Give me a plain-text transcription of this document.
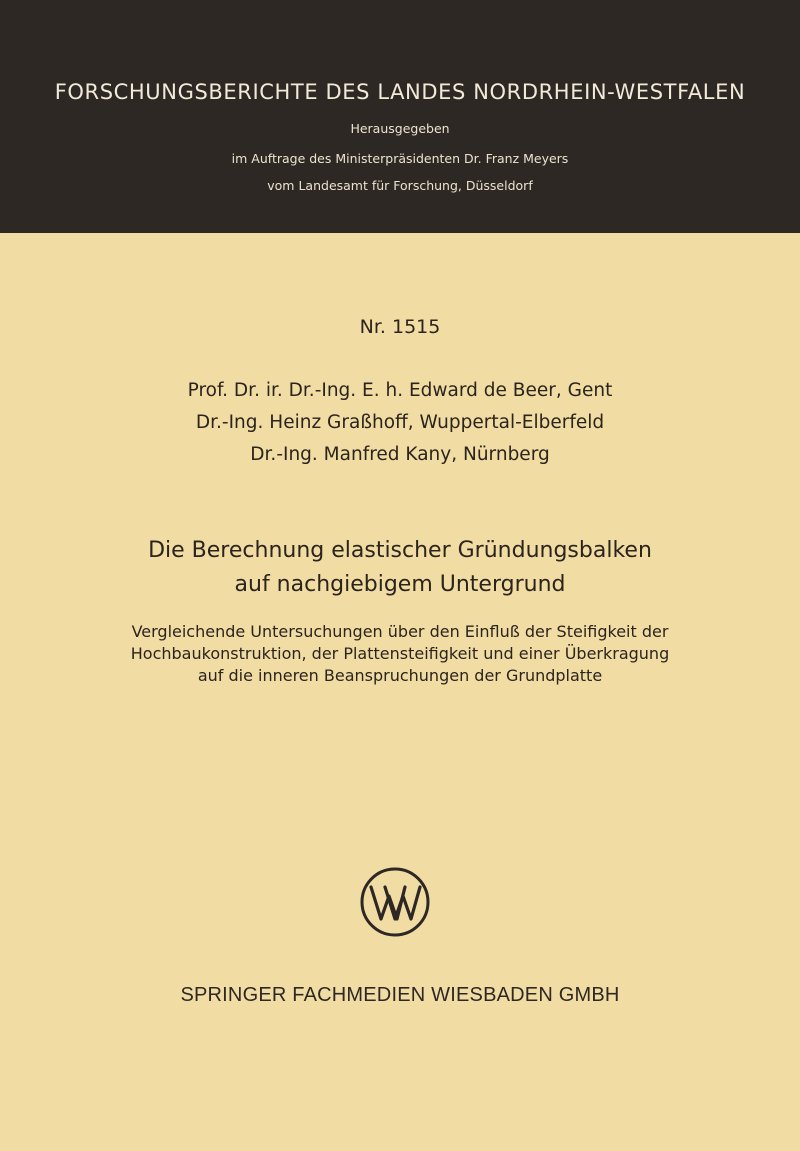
FORSCHUNGSBERICHTE DES LANDES NORDRHEIN-WESTFALEN
Herausgegeben
im Auftrage des Ministerpräsidenten Dr. Franz Meyers
vom Landesamt für Forschung, Düsseldorf
Nr. 1515
Prof. Dr. ir. Dr.-Ing. E. h. Edward de Beer, Gent
Dr.-Ing. Heinz Graßhoff, Wuppertal-Elberfeld
Dr.-Ing. Manfred Kany, Nürnberg
Die Berechnung elastischer Gründungsbalken
auf nachgiebigem Untergrund
Vergleichende Untersuchungen über den Einfluß der Steifigkeit der
Hochbaukonstruktion, der Plattensteifigkeit und einer Überkragung
auf die inneren Beanspruchungen der Grundplatte
SPRINGER FACHMEDIEN WIESBADEN GMBH
